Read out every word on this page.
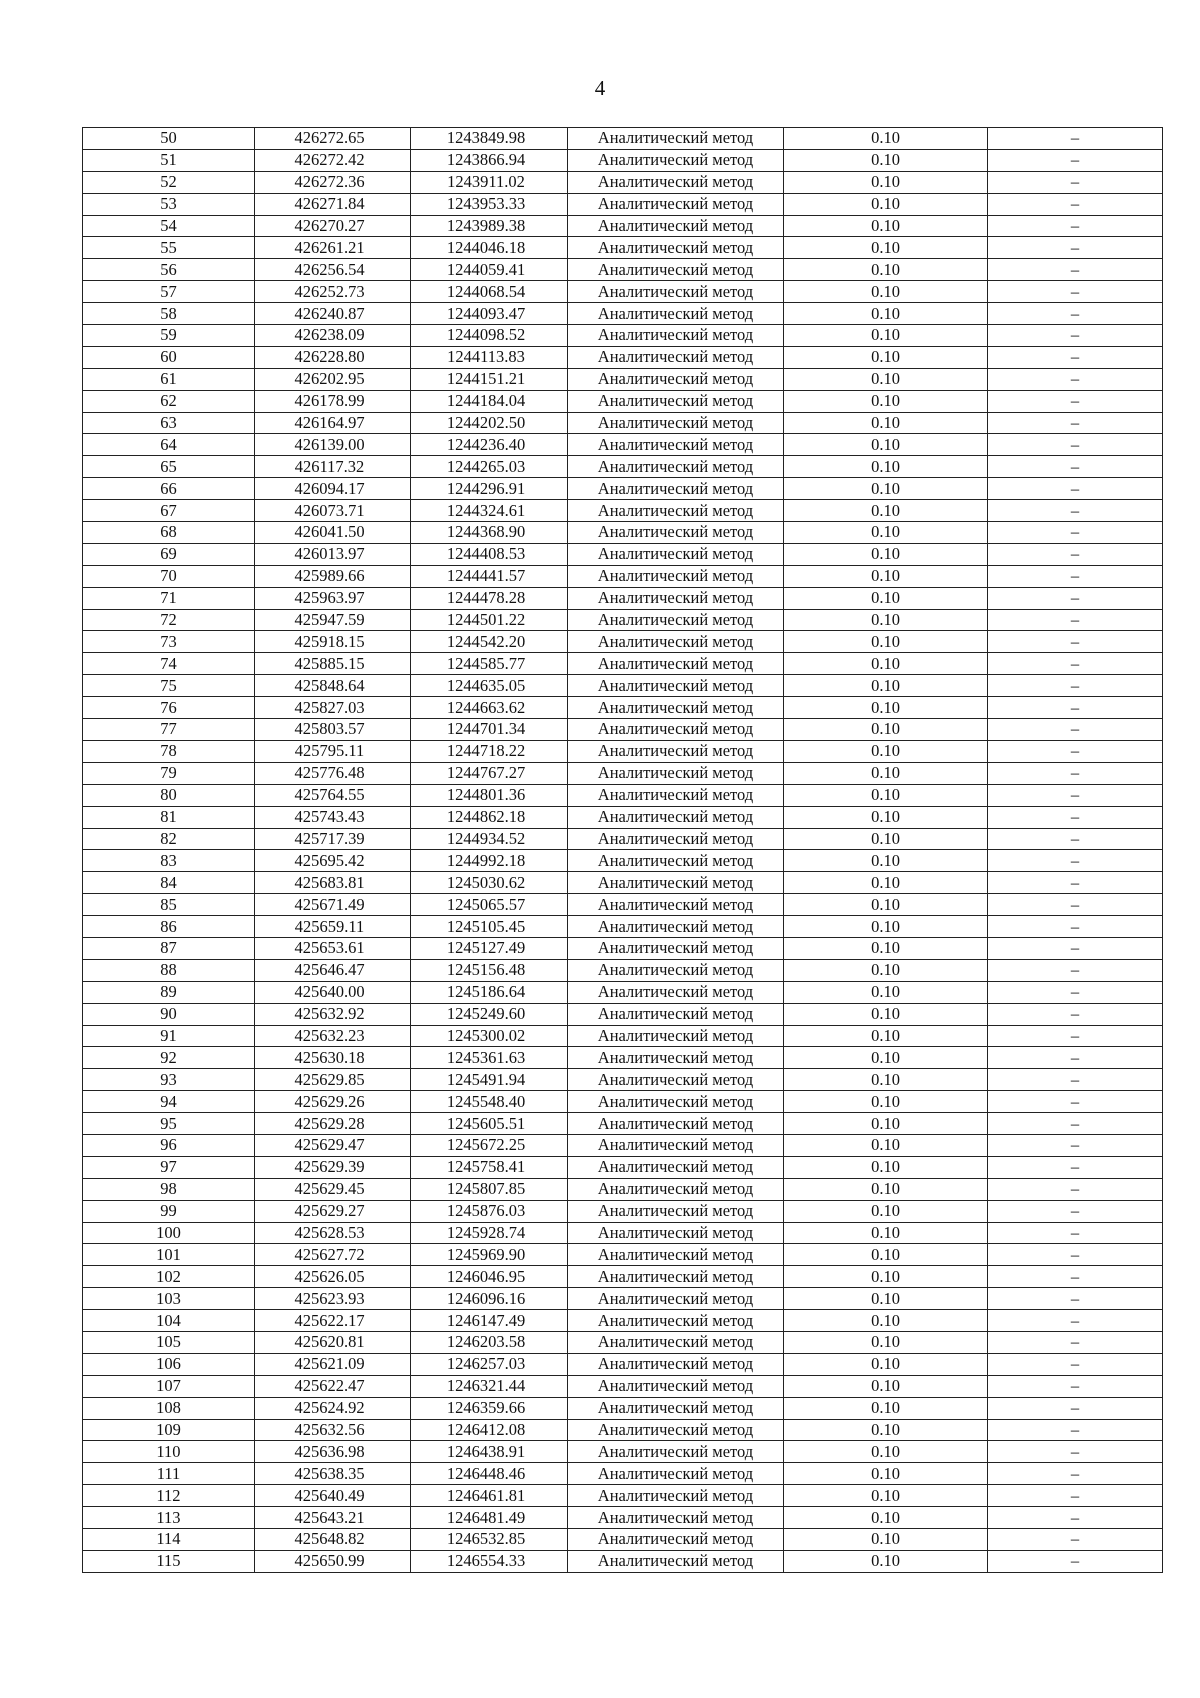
4
50	426272.65	1243849.98	Аналитический метод	0.10	–
51	426272.42	1243866.94	Аналитический метод	0.10	–
52	426272.36	1243911.02	Аналитический метод	0.10	–
53	426271.84	1243953.33	Аналитический метод	0.10	–
54	426270.27	1243989.38	Аналитический метод	0.10	–
55	426261.21	1244046.18	Аналитический метод	0.10	–
56	426256.54	1244059.41	Аналитический метод	0.10	–
57	426252.73	1244068.54	Аналитический метод	0.10	–
58	426240.87	1244093.47	Аналитический метод	0.10	–
59	426238.09	1244098.52	Аналитический метод	0.10	–
60	426228.80	1244113.83	Аналитический метод	0.10	–
61	426202.95	1244151.21	Аналитический метод	0.10	–
62	426178.99	1244184.04	Аналитический метод	0.10	–
63	426164.97	1244202.50	Аналитический метод	0.10	–
64	426139.00	1244236.40	Аналитический метод	0.10	–
65	426117.32	1244265.03	Аналитический метод	0.10	–
66	426094.17	1244296.91	Аналитический метод	0.10	–
67	426073.71	1244324.61	Аналитический метод	0.10	–
68	426041.50	1244368.90	Аналитический метод	0.10	–
69	426013.97	1244408.53	Аналитический метод	0.10	–
70	425989.66	1244441.57	Аналитический метод	0.10	–
71	425963.97	1244478.28	Аналитический метод	0.10	–
72	425947.59	1244501.22	Аналитический метод	0.10	–
73	425918.15	1244542.20	Аналитический метод	0.10	–
74	425885.15	1244585.77	Аналитический метод	0.10	–
75	425848.64	1244635.05	Аналитический метод	0.10	–
76	425827.03	1244663.62	Аналитический метод	0.10	–
77	425803.57	1244701.34	Аналитический метод	0.10	–
78	425795.11	1244718.22	Аналитический метод	0.10	–
79	425776.48	1244767.27	Аналитический метод	0.10	–
80	425764.55	1244801.36	Аналитический метод	0.10	–
81	425743.43	1244862.18	Аналитический метод	0.10	–
82	425717.39	1244934.52	Аналитический метод	0.10	–
83	425695.42	1244992.18	Аналитический метод	0.10	–
84	425683.81	1245030.62	Аналитический метод	0.10	–
85	425671.49	1245065.57	Аналитический метод	0.10	–
86	425659.11	1245105.45	Аналитический метод	0.10	–
87	425653.61	1245127.49	Аналитический метод	0.10	–
88	425646.47	1245156.48	Аналитический метод	0.10	–
89	425640.00	1245186.64	Аналитический метод	0.10	–
90	425632.92	1245249.60	Аналитический метод	0.10	–
91	425632.23	1245300.02	Аналитический метод	0.10	–
92	425630.18	1245361.63	Аналитический метод	0.10	–
93	425629.85	1245491.94	Аналитический метод	0.10	–
94	425629.26	1245548.40	Аналитический метод	0.10	–
95	425629.28	1245605.51	Аналитический метод	0.10	–
96	425629.47	1245672.25	Аналитический метод	0.10	–
97	425629.39	1245758.41	Аналитический метод	0.10	–
98	425629.45	1245807.85	Аналитический метод	0.10	–
99	425629.27	1245876.03	Аналитический метод	0.10	–
100	425628.53	1245928.74	Аналитический метод	0.10	–
101	425627.72	1245969.90	Аналитический метод	0.10	–
102	425626.05	1246046.95	Аналитический метод	0.10	–
103	425623.93	1246096.16	Аналитический метод	0.10	–
104	425622.17	1246147.49	Аналитический метод	0.10	–
105	425620.81	1246203.58	Аналитический метод	0.10	–
106	425621.09	1246257.03	Аналитический метод	0.10	–
107	425622.47	1246321.44	Аналитический метод	0.10	–
108	425624.92	1246359.66	Аналитический метод	0.10	–
109	425632.56	1246412.08	Аналитический метод	0.10	–
110	425636.98	1246438.91	Аналитический метод	0.10	–
111	425638.35	1246448.46	Аналитический метод	0.10	–
112	425640.49	1246461.81	Аналитический метод	0.10	–
113	425643.21	1246481.49	Аналитический метод	0.10	–
114	425648.82	1246532.85	Аналитический метод	0.10	–
115	425650.99	1246554.33	Аналитический метод	0.10	–
